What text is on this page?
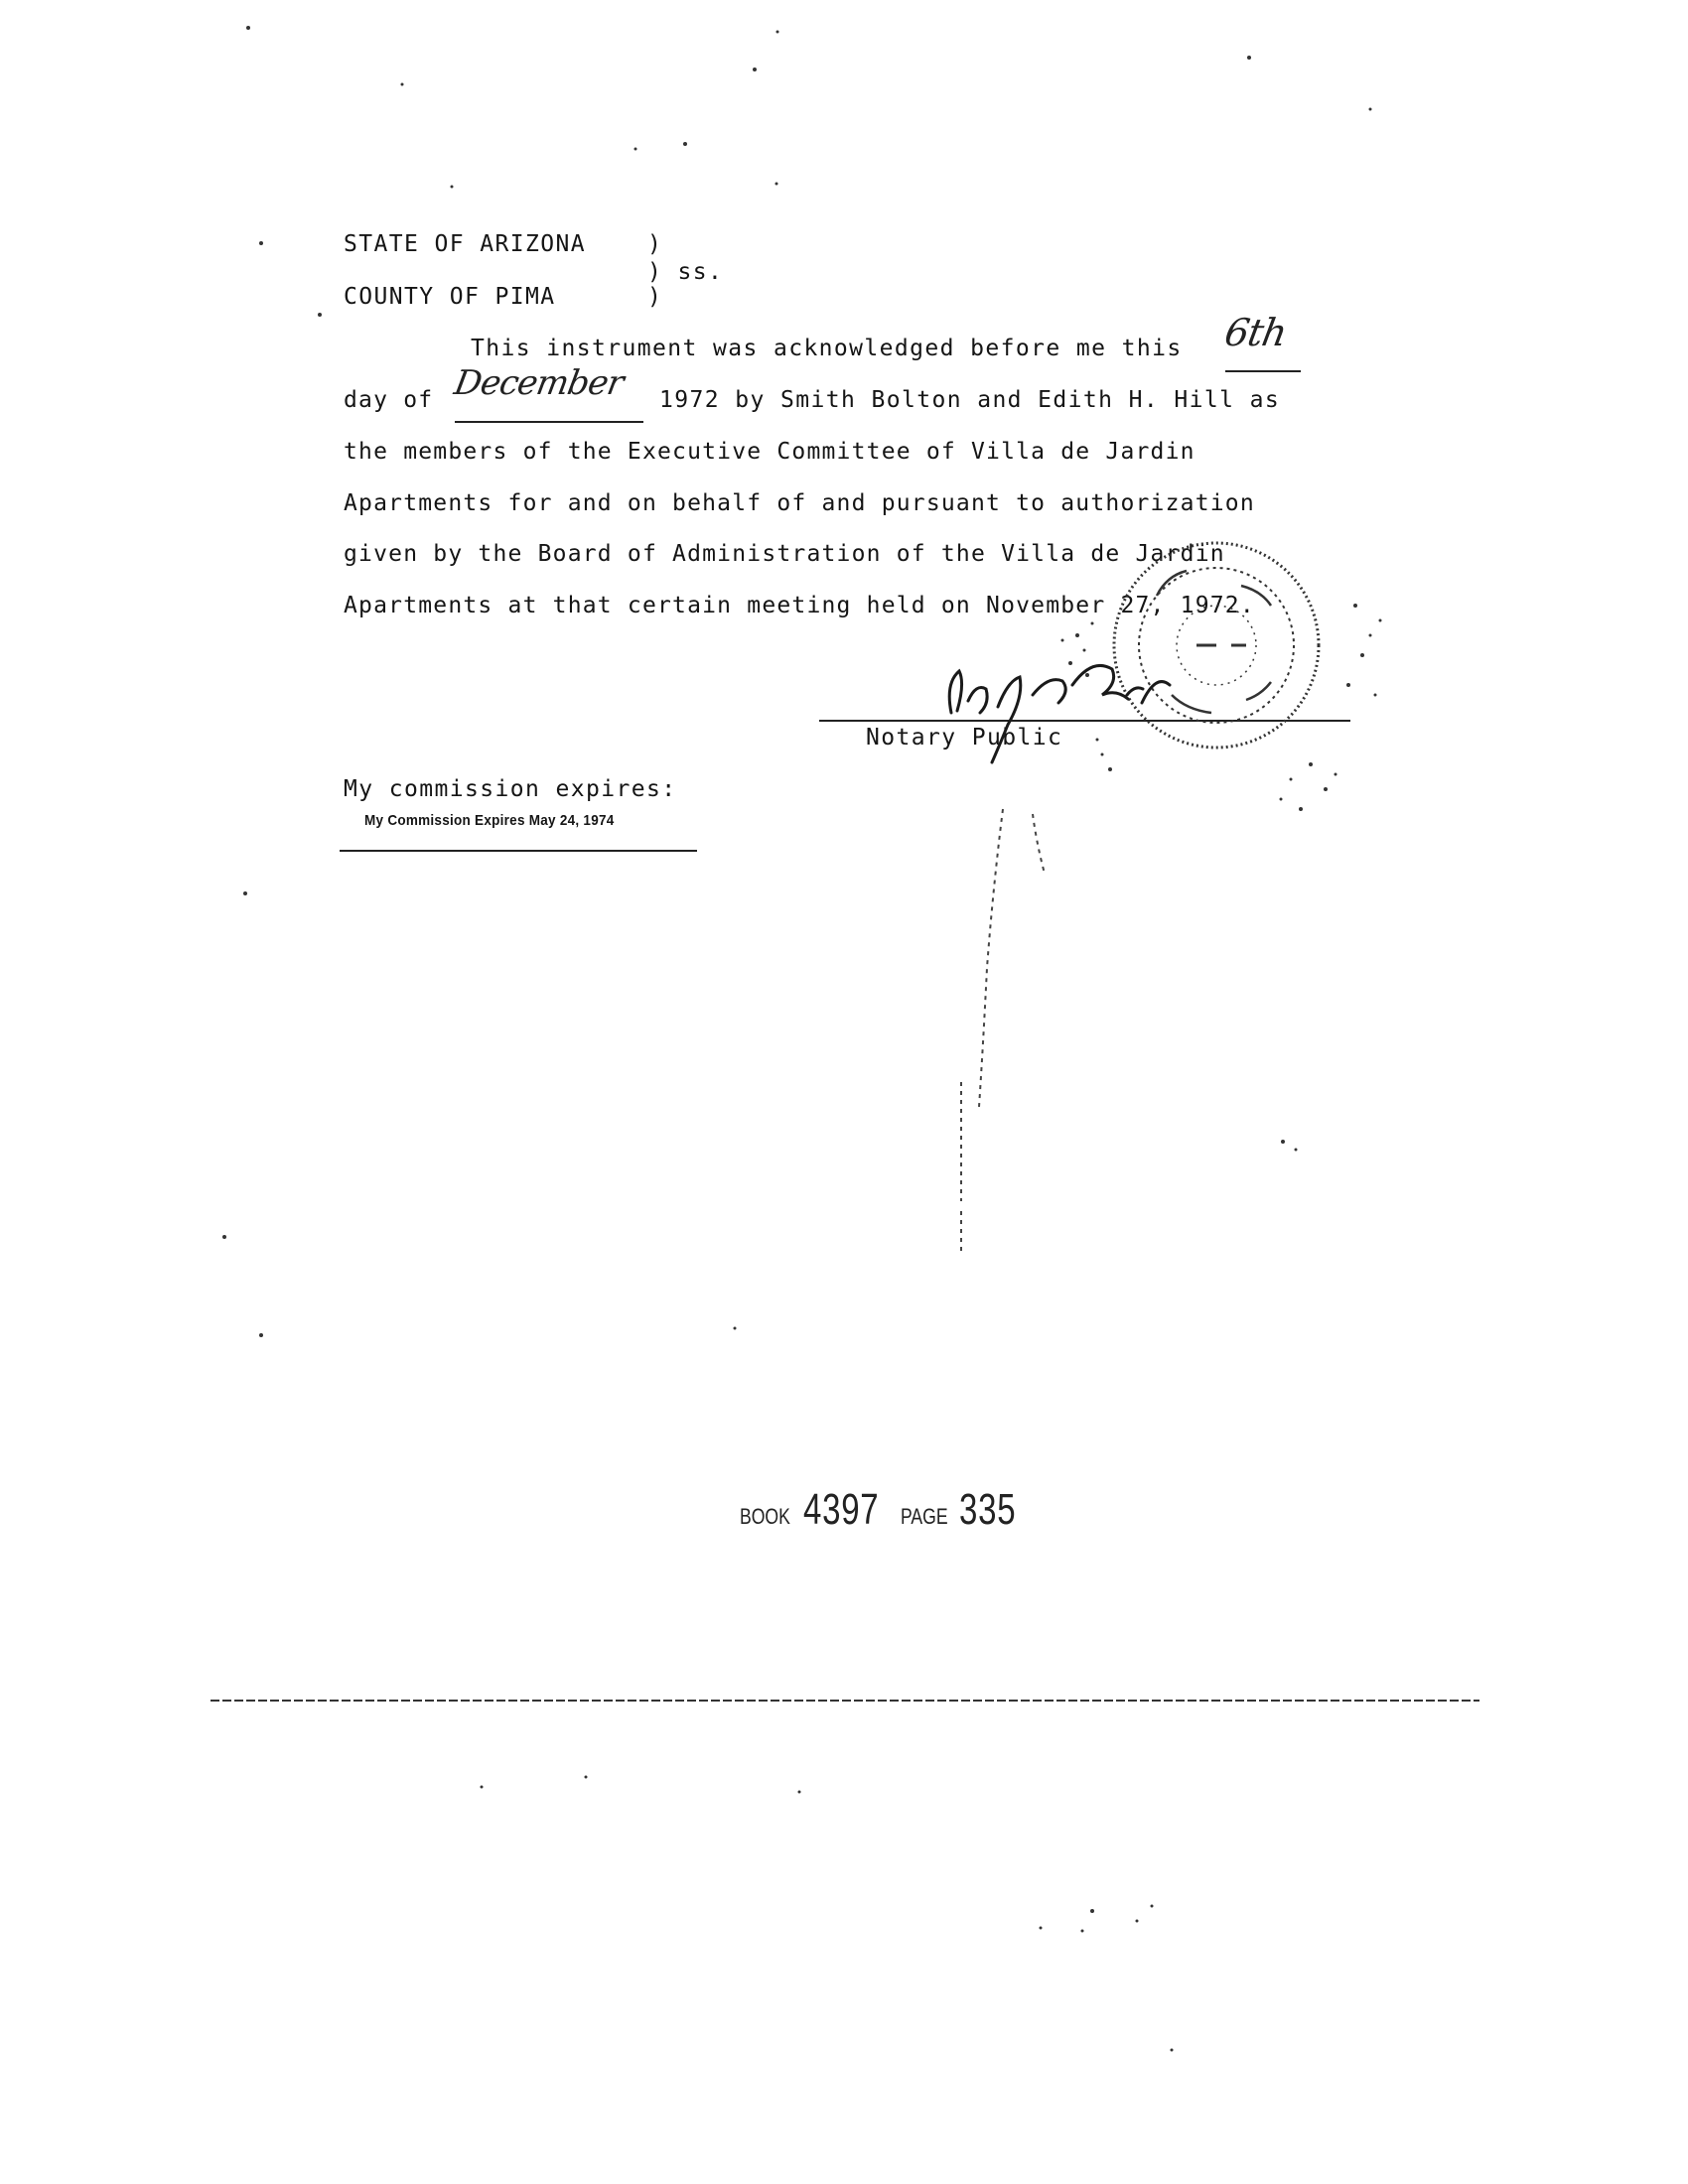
STATE OF ARIZONA	)
) ss.
COUNTY OF PIMA	)
This instrument was acknowledged before me this 6th
day of December	1972 by Smith Bolton and Edith H. Hill as
the members of the Executive Committee of Villa de Jardin
Apartments for and on behalf of and pursuant to authorization
given by the Board of Administration of the Villa de Jardin
Apartments at that certain meeting held on November 27, 1972.
Notary Public
My commission expires:
My Commission Expires May 24, 1974
BOOK 4397 PAGE 335
